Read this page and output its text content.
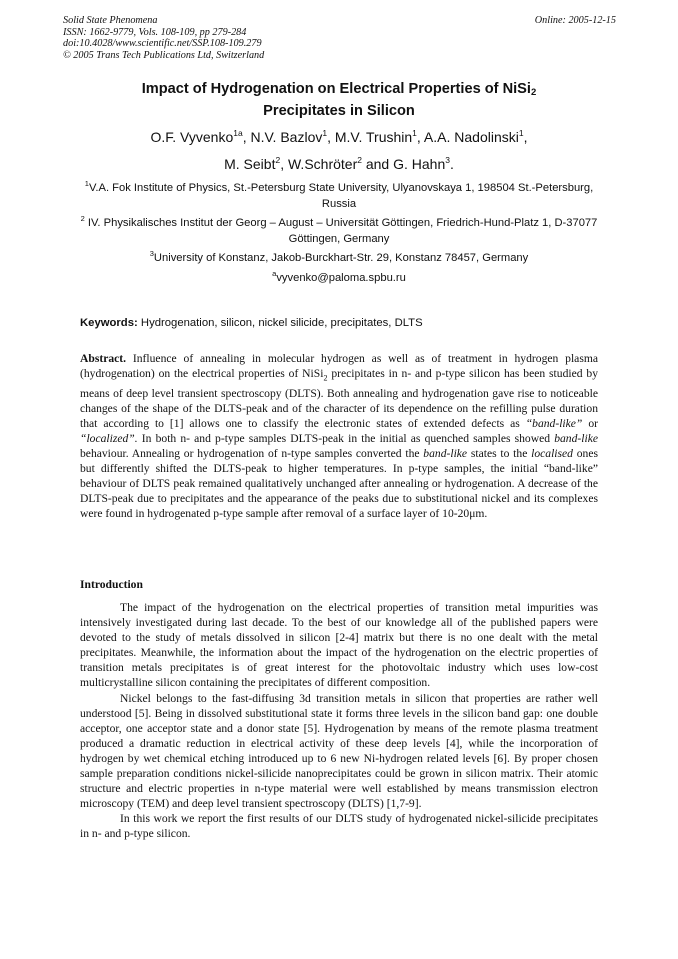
Solid State Phenomena
ISSN: 1662-9779, Vols. 108-109, pp 279-284
doi:10.4028/www.scientific.net/SSP.108-109.279
© 2005 Trans Tech Publications Ltd, Switzerland
Online: 2005-12-15
Impact of Hydrogenation on Electrical Properties of NiSi$_2$
Precipitates in Silicon
O.F. Vyvenko$^{1a}$, N.V. Bazlov$^1$, M.V. Trushin$^1$, A.A. Nadolinski$^1$,
M. Seibt$^2$, W.Schröter$^2$ and G. Hahn$^3$.
$^1$V.A. Fok Institute of Physics, St.-Petersburg State University, Ulyanovskaya 1, 198504 St.-Petersburg, Russia
$^2$ IV. Physikalisches Institut der Georg – August – Universität Göttingen, Friedrich-Hund-Platz 1, D-37077 Göttingen, Germany
$^3$University of Konstanz, Jakob-Burckhart-Str. 29, Konstanz 78457, Germany
$^a$vyvenko@paloma.spbu.ru
Keywords: Hydrogenation, silicon, nickel silicide, precipitates, DLTS
Abstract. Influence of annealing in molecular hydrogen as well as of treatment in hydrogen plasma (hydrogenation) on the electrical properties of NiSi$_2$ precipitates in n- and p-type silicon has been studied by means of deep level transient spectroscopy (DLTS). Both annealing and hydrogenation gave rise to noticeable changes of the shape of the DLTS-peak and of the character of its dependence on the refilling pulse duration that according to [1] allows one to classify the electronic states of extended defects as “band-like” or “localized”. In both n- and p-type samples DLTS-peak in the initial as quenched samples showed band-like behaviour. Annealing or hydrogenation of n-type samples converted the band-like states to the localised ones but differently shifted the DLTS-peak to higher temperatures. In p-type samples, the initial “band-like” behaviour of DLTS peak remained qualitatively unchanged after annealing or hydrogenation. A decrease of the DLTS-peak due to precipitates and the appearance of the peaks due to substitutional nickel and its complexes were found in hydrogenated p-type sample after removal of a surface layer of 10-20μm.
Introduction

The impact of the hydrogenation on the electrical properties of transition metal impurities was intensively investigated during last decade. To the best of our knowledge all of the published papers were devoted to the study of metals dissolved in silicon [2-4] matrix but there is no one dealt with the metal precipitates. Meanwhile, the information about the impact of the hydrogenation on the electric properties of transition metals precipitates is of great interest for the photovoltaic industry which uses low-cost multicrystalline silicon containing the precipitates of different composition.

Nickel belongs to the fast-diffusing 3d transition metals in silicon that properties are rather well understood [5]. Being in dissolved substitutional state it forms three levels in the silicon band gap: one double acceptor, one acceptor state and a donor state [5]. Hydrogenation by means of the remote plasma treatment produced a dramatic reduction in electrical activity of these deep levels [4], while the incorporation of hydrogen by wet chemical etching introduced up to 6 new Ni-hydrogen related levels [6]. By proper chosen sample preparation conditions nickel-silicide nanoprecipitates could be grown in silicon matrix. Their atomic structure and electric properties in n-type material were well established by means transmission electron microscopy (TEM) and deep level transient spectroscopy (DLTS) [1,7-9].

In this work we report the first results of our DLTS study of hydrogenated nickel-silicide precipitates in n- and p-type silicon.
